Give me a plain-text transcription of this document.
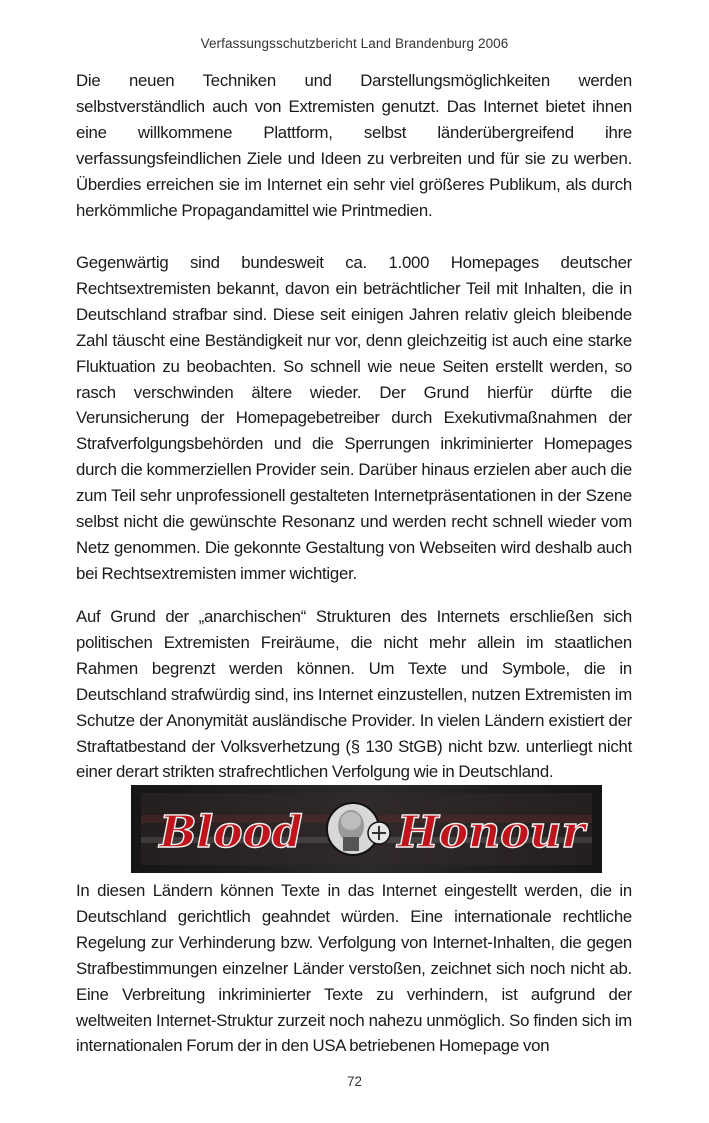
Verfassungsschutzbericht Land Brandenburg 2006

Die neuen Techniken und Darstellungsmöglichkeiten werden selbstverständlich auch von Extremisten genutzt. Das Internet bietet ihnen eine willkommene Plattform, selbst länderübergreifend ihre verfassungsfeindlichen Ziele und Ideen zu verbreiten und für sie zu werben. Überdies erreichen sie im Internet ein sehr viel größeres Publikum, als durch herkömmliche Propagandamittel wie Printmedien.

Gegenwärtig sind bundesweit ca. 1.000 Homepages deutscher Rechtsextremisten bekannt, davon ein beträchtlicher Teil mit Inhalten, die in Deutschland strafbar sind. Diese seit einigen Jahren relativ gleich bleibende Zahl täuscht eine Beständigkeit nur vor, denn gleichzeitig ist auch eine starke Fluktuation zu beobachten. So schnell wie neue Seiten erstellt werden, so rasch verschwinden ältere wieder. Der Grund hierfür dürfte die Verunsicherung der Homepagebetreiber durch Exekutivmaßnahmen der Strafverfolgungsbehörden und die Sperrungen inkriminierter Homepages durch die kommerziellen Provider sein. Darüber hinaus erzielen aber auch die zum Teil sehr unprofessionell gestalteten Internetpräsentationen in der Szene selbst nicht die gewünschte Resonanz und werden recht schnell wieder vom Netz genommen. Die gekonnte Gestaltung von Webseiten wird deshalb auch bei Rechtsextremisten immer wichtiger.

Auf Grund der „anarchischen“ Strukturen des Internets erschließen sich politischen Extremisten Freiräume, die nicht mehr allein im staatlichen Rahmen begrenzt werden können. Um Texte und Symbole, die in Deutschland strafwürdig sind, ins Internet einzustellen, nutzen Extremisten im Schutze der Anonymität ausländische Provider. In vielen Ländern existiert der Straftatbestand der Volksverhetzung (§ 130 StGB) nicht bzw. unterliegt nicht einer derart strikten strafrechtlichen Verfolgung wie in Deutschland.

Blood Honour

In diesen Ländern können Texte in das Internet eingestellt werden, die in Deutschland gerichtlich geahndet würden. Eine internationale rechtliche Regelung zur Verhinderung bzw. Verfolgung von Internet-Inhalten, die gegen Strafbestimmungen einzelner Länder verstoßen, zeichnet sich noch nicht ab. Eine Verbreitung inkriminierter Texte zu verhindern, ist aufgrund der weltweiten Internet-Struktur zurzeit noch nahezu unmöglich. So finden sich im internationalen Forum der in den USA betriebenen Homepage von

72
